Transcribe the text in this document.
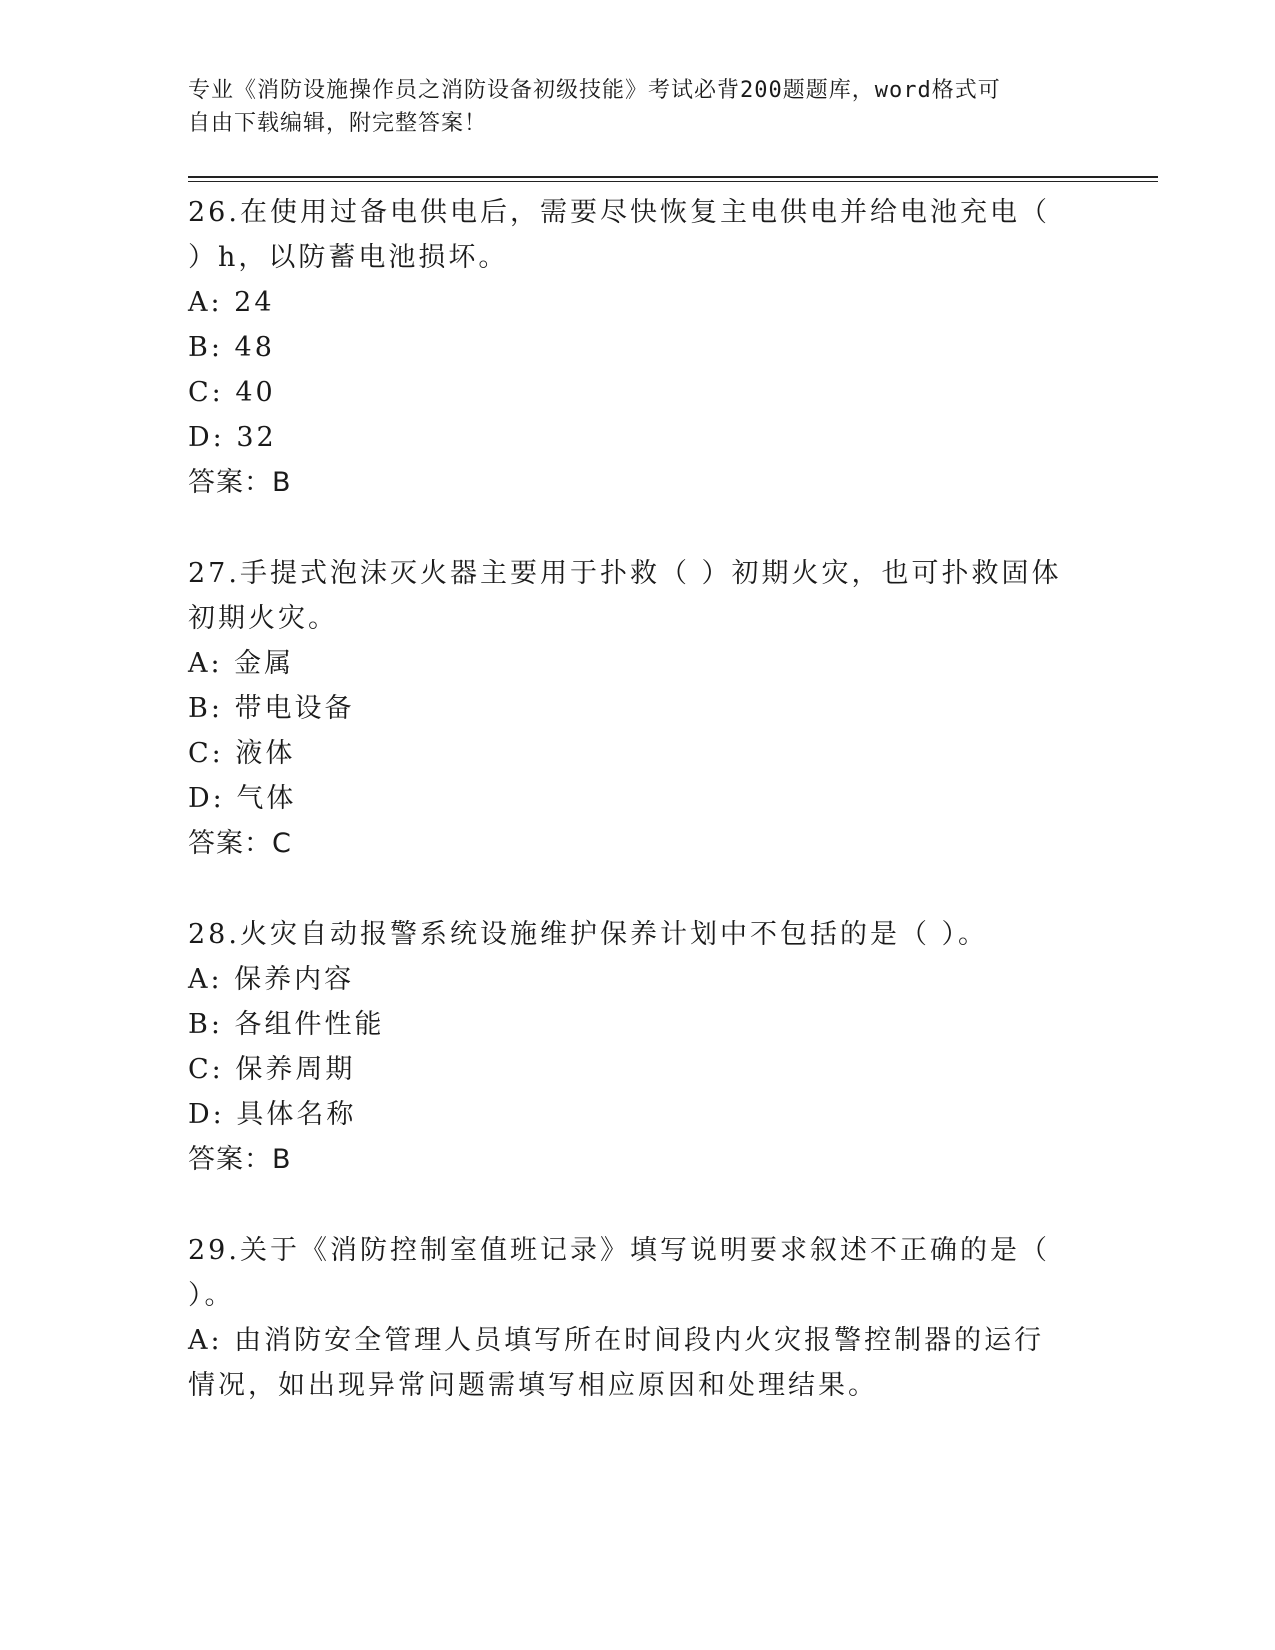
专业《消防设施操作员之消防设备初级技能》考试必背200题题库，word格式可
自由下载编辑，附完整答案！

26.在使用过备电供电后，需要尽快恢复主电供电并给电池充电（ ）h，以防蓄电池损坏。

A: 24

B: 48

C: 40

D: 32

答案：B

27.手提式泡沫灭火器主要用于扑救（ ）初期火灾，也可扑救固体初期火灾。

A: 金属

B: 带电设备

C: 液体

D: 气体

答案：C

28.火灾自动报警系统设施维护保养计划中不包括的是（ ）。

A: 保养内容

B: 各组件性能

C: 保养周期

D: 具体名称

答案：B

29.关于《消防控制室值班记录》填写说明要求叙述不正确的是（ ）。

A: 由消防安全管理人员填写所在时间段内火灾报警控制器的运行情况，如出现异常问题需填写相应原因和处理结果。
